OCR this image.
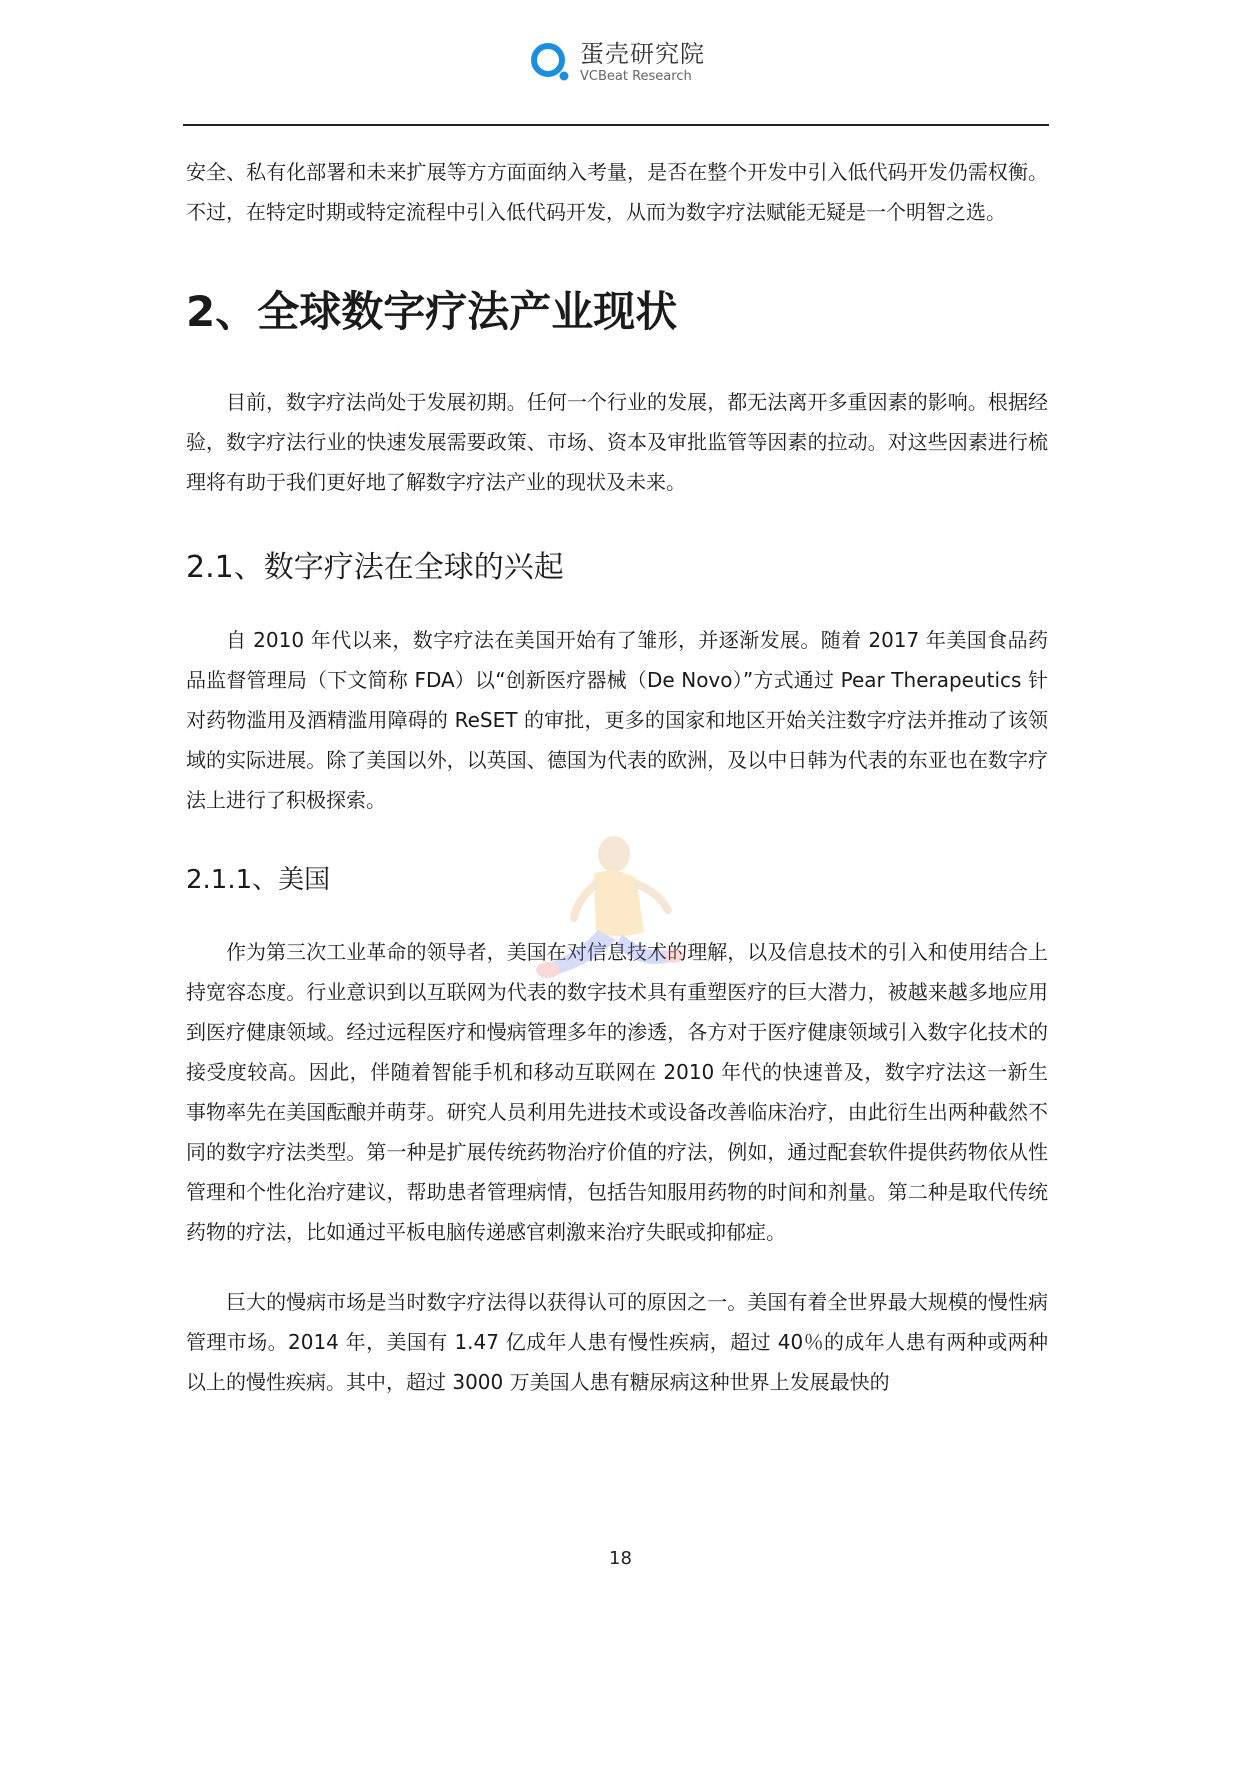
蛋壳研究院
VCBeat Research

安全、私有化部署和未来扩展等方方面面纳入考量，是否在整个开发中引入低代码开发仍需权衡。不过，在特定时期或特定流程中引入低代码开发，从而为数字疗法赋能无疑是一个明智之选。

2、全球数字疗法产业现状

目前，数字疗法尚处于发展初期。任何一个行业的发展，都无法离开多重因素的影响。根据经验，数字疗法行业的快速发展需要政策、市场、资本及审批监管等因素的拉动。对这些因素进行梳理将有助于我们更好地了解数字疗法产业的现状及未来。

2.1、数字疗法在全球的兴起

自 2010 年代以来，数字疗法在美国开始有了雏形，并逐渐发展。随着 2017 年美国食品药品监督管理局（下文简称 FDA）以“创新医疗器械（De Novo）”方式通过 Pear Therapeutics 针对药物滥用及酒精滥用障碍的 ReSET 的审批，更多的国家和地区开始关注数字疗法并推动了该领域的实际进展。除了美国以外，以英国、德国为代表的欧洲，及以中日韩为代表的东亚也在数字疗法上进行了积极探索。

2.1.1、美国

作为第三次工业革命的领导者，美国在对信息技术的理解，以及信息技术的引入和使用结合上持宽容态度。行业意识到以互联网为代表的数字技术具有重塑医疗的巨大潜力，被越来越多地应用到医疗健康领域。经过远程医疗和慢病管理多年的渗透，各方对于医疗健康领域引入数字化技术的接受度较高。因此，伴随着智能手机和移动互联网在 2010 年代的快速普及，数字疗法这一新生事物率先在美国酝酿并萌芽。研究人员利用先进技术或设备改善临床治疗，由此衍生出两种截然不同的数字疗法类型。第一种是扩展传统药物治疗价值的疗法，例如，通过配套软件提供药物依从性管理和个性化治疗建议，帮助患者管理病情，包括告知服用药物的时间和剂量。第二种是取代传统药物的疗法，比如通过平板电脑传递感官刺激来治疗失眠或抑郁症。

巨大的慢病市场是当时数字疗法得以获得认可的原因之一。美国有着全世界最大规模的慢性病管理市场。2014 年，美国有 1.47 亿成年人患有慢性疾病，超过 40％的成年人患有两种或两种以上的慢性疾病。其中，超过 3000 万美国人患有糖尿病这种世界上发展最快的

18
